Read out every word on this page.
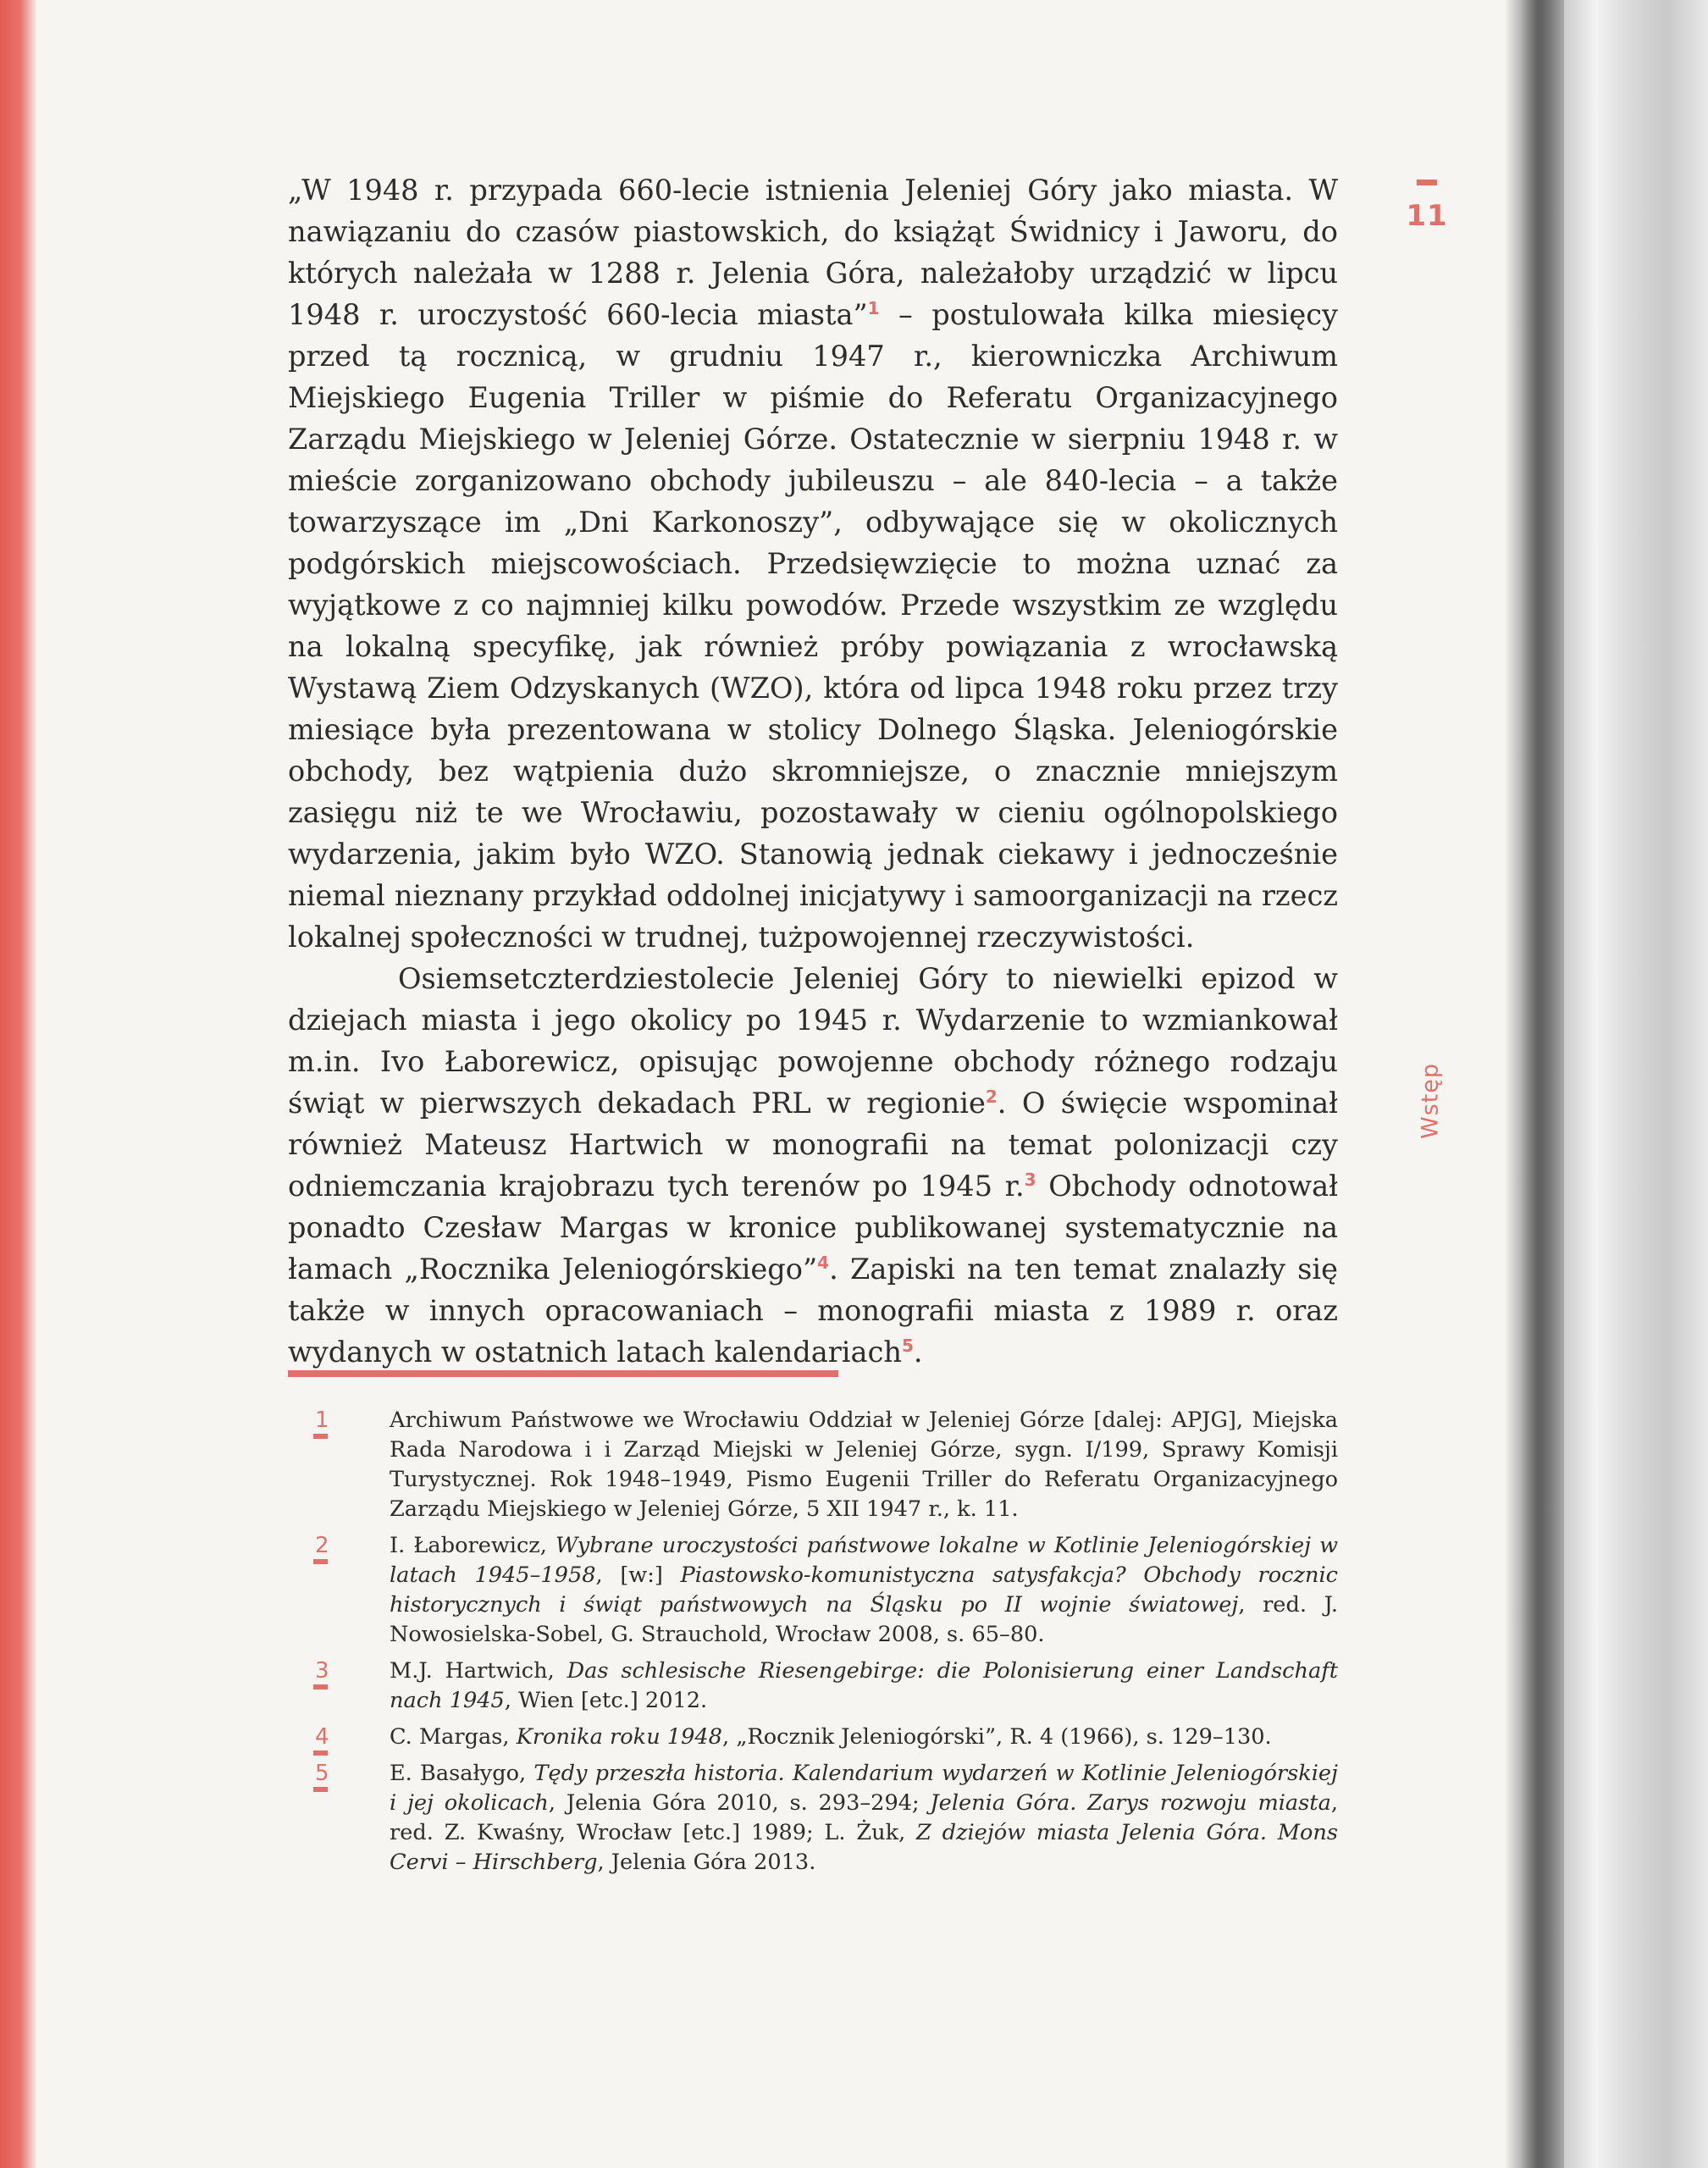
11
Wstęp

„W 1948 r. przypada 660-lecie istnienia Jeleniej Góry jako miasta. W nawiązaniu do czasów piastowskich, do książąt Świdnicy i Jaworu, do których należała w 1288 r. Jelenia Góra, należałoby urządzić w lipcu 1948 r. uroczystość 660-lecia miasta”$^1$ – postulowała kilka miesięcy przed tą rocznicą, w grudniu 1947 r., kierowniczka Archiwum Miejskiego Eugenia Triller w piśmie do Referatu Organizacyjnego Zarządu Miejskiego w Jeleniej Górze. Ostatecznie w sierpniu 1948 r. w mieście zorganizowano obchody jubileuszu – ale 840-lecia – a także towarzyszące im „Dni Karkonoszy”, odbywające się w okolicznych podgórskich miejscowościach. Przedsięwzięcie to można uznać za wyjątkowe z co najmniej kilku powodów. Przede wszystkim ze względu na lokalną specyfikę, jak również próby powiązania z wrocławską Wystawą Ziem Odzyskanych (WZO), która od lipca 1948 roku przez trzy miesiące była prezentowana w stolicy Dolnego Śląska. Jeleniogórskie obchody, bez wątpienia dużo skromniejsze, o znacznie mniejszym zasięgu niż te we Wrocławiu, pozostawały w cieniu ogólnopolskiego wydarzenia, jakim było WZO. Stanowią jednak ciekawy i jednocześnie niemal nieznany przykład oddolnej inicjatywy i samoorganizacji na rzecz lokalnej społeczności w trudnej, tużpowojennej rzeczywistości.

Osiemsetczterdziestolecie Jeleniej Góry to niewielki epizod w dziejach miasta i jego okolicy po 1945 r. Wydarzenie to wzmiankował m.in. Ivo Łaborewicz, opisując powojenne obchody różnego rodzaju świąt w pierwszych dekadach PRL w regionie$^2$. O święcie wspominał również Mateusz Hartwich w monografii na temat polonizacji czy odniemczania krajobrazu tych terenów po 1945 r.$^3$ Obchody odnotował ponadto Czesław Margas w kronice publikowanej systematycznie na łamach „Rocznika Jeleniogórskiego”$^4$. Zapiski na ten temat znalazły się także w innych opracowaniach – monografii miasta z 1989 r. oraz wydanych w ostatnich latach kalendariach$^5$.

1	Archiwum Państwowe we Wrocławiu Oddział w Jeleniej Górze [dalej: APJG], Miejska Rada Narodowa i i Zarząd Miejski w Jeleniej Górze, sygn. I/199, Sprawy Komisji Turystycznej. Rok 1948–1949, Pismo Eugenii Triller do Referatu Organizacyjnego Zarządu Miejskiego w Jeleniej Górze, 5 XII 1947 r., k. 11.
2	I. Łaborewicz, Wybrane uroczystości państwowe lokalne w Kotlinie Jeleniogórskiej w latach 1945–1958, [w:] Piastowsko-komunistyczna satysfakcja? Obchody rocznic historycznych i świąt państwowych na Śląsku po II wojnie światowej, red. J. Nowosielska-Sobel, G. Strauchold, Wrocław 2008, s. 65–80.
3	M.J. Hartwich, Das schlesische Riesengebirge: die Polonisierung einer Landschaft nach 1945, Wien [etc.] 2012.
4	C. Margas, Kronika roku 1948, „Rocznik Jeleniogórski”, R. 4 (1966), s. 129–130.
5	E. Basałygo, Tędy przeszła historia. Kalendarium wydarzeń w Kotlinie Jeleniogórskiej i jej okolicach, Jelenia Góra 2010, s. 293–294; Jelenia Góra. Zarys rozwoju miasta, red. Z. Kwaśny, Wrocław [etc.] 1989; L. Żuk, Z dziejów miasta Jelenia Góra. Mons Cervi – Hirschberg, Jelenia Góra 2013.
